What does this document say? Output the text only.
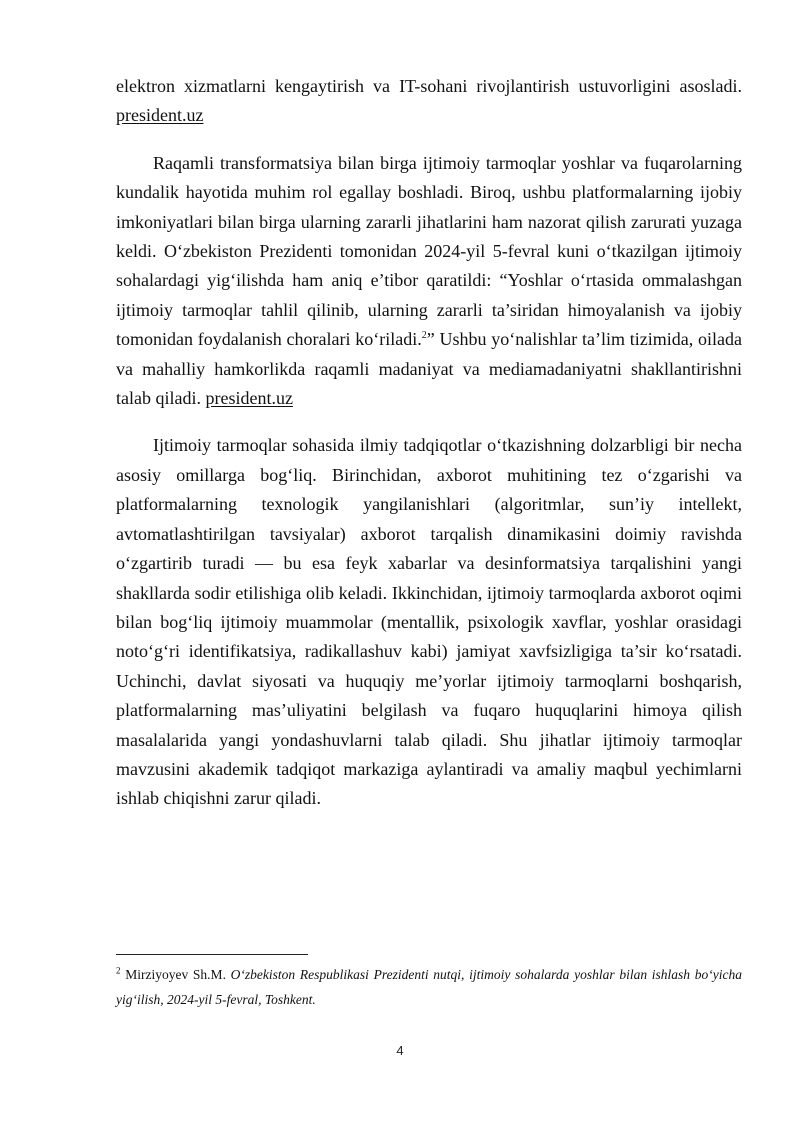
elektron xizmatlarni kengaytirish va IT-sohani rivojlantirish ustuvorligini asosladi. president.uz

Raqamli transformatsiya bilan birga ijtimoiy tarmoqlar yoshlar va fuqarolarning kundalik hayotida muhim rol egallay boshladi. Biroq, ushbu platformalarning ijobiy imkoniyatlari bilan birga ularning zararli jihatlarini ham nazorat qilish zarurati yuzaga keldi. O‘zbekiston Prezidenti tomonidan 2024-yil 5-fevral kuni o‘tkazilgan ijtimoiy sohalardagi yig‘ilishda ham aniq e’tibor qaratildi: “Yoshlar o‘rtasida ommalashgan ijtimoiy tarmoqlar tahlil qilinib, ularning zararli ta’siridan himoyalanish va ijobiy tomonidan foydalanish choralari ko‘riladi.$^2$” Ushbu yo‘nalishlar ta’lim tizimida, oilada va mahalliy hamkorlikda raqamli madaniyat va mediamadaniyatni shakllantirishni talab qiladi. president.uz

Ijtimoiy tarmoqlar sohasida ilmiy tadqiqotlar o‘tkazishning dolzarbligi bir necha asosiy omillarga bog‘liq. Birinchidan, axborot muhitining tez o‘zgarishi va platformalarning texnologik yangilanishlari (algoritmlar, sun’iy intellekt, avtomatlashtirilgan tavsiyalar) axborot tarqalish dinamikasini doimiy ravishda o‘zgartirib turadi — bu esa feyk xabarlar va desinformatsiya tarqalishini yangi shakllarda sodir etilishiga olib keladi. Ikkinchidan, ijtimoiy tarmoqlarda axborot oqimi bilan bog‘liq ijtimoiy muammolar (mentallik, psixologik xavflar, yoshlar orasidagi noto‘g‘ri identifikatsiya, radikallashuv kabi) jamiyat xavfsizligiga ta’sir ko‘rsatadi. Uchinchi, davlat siyosati va huquqiy me’yorlar ijtimoiy tarmoqlarni boshqarish, platformalarning mas’uliyatini belgilash va fuqaro huquqlarini himoya qilish masalalarida yangi yondashuvlarni talab qiladi. Shu jihatlar ijtimoiy tarmoqlar mavzusini akademik tadqiqot markaziga aylantiradi va amaliy maqbul yechimlarni ishlab chiqishni zarur qiladi.

$^2$ Mirziyoyev Sh.M. O‘zbekiston Respublikasi Prezidenti nutqi, ijtimoiy sohalarda yoshlar bilan ishlash bo‘yicha yig‘ilish, 2024-yil 5-fevral, Toshkent.
4
